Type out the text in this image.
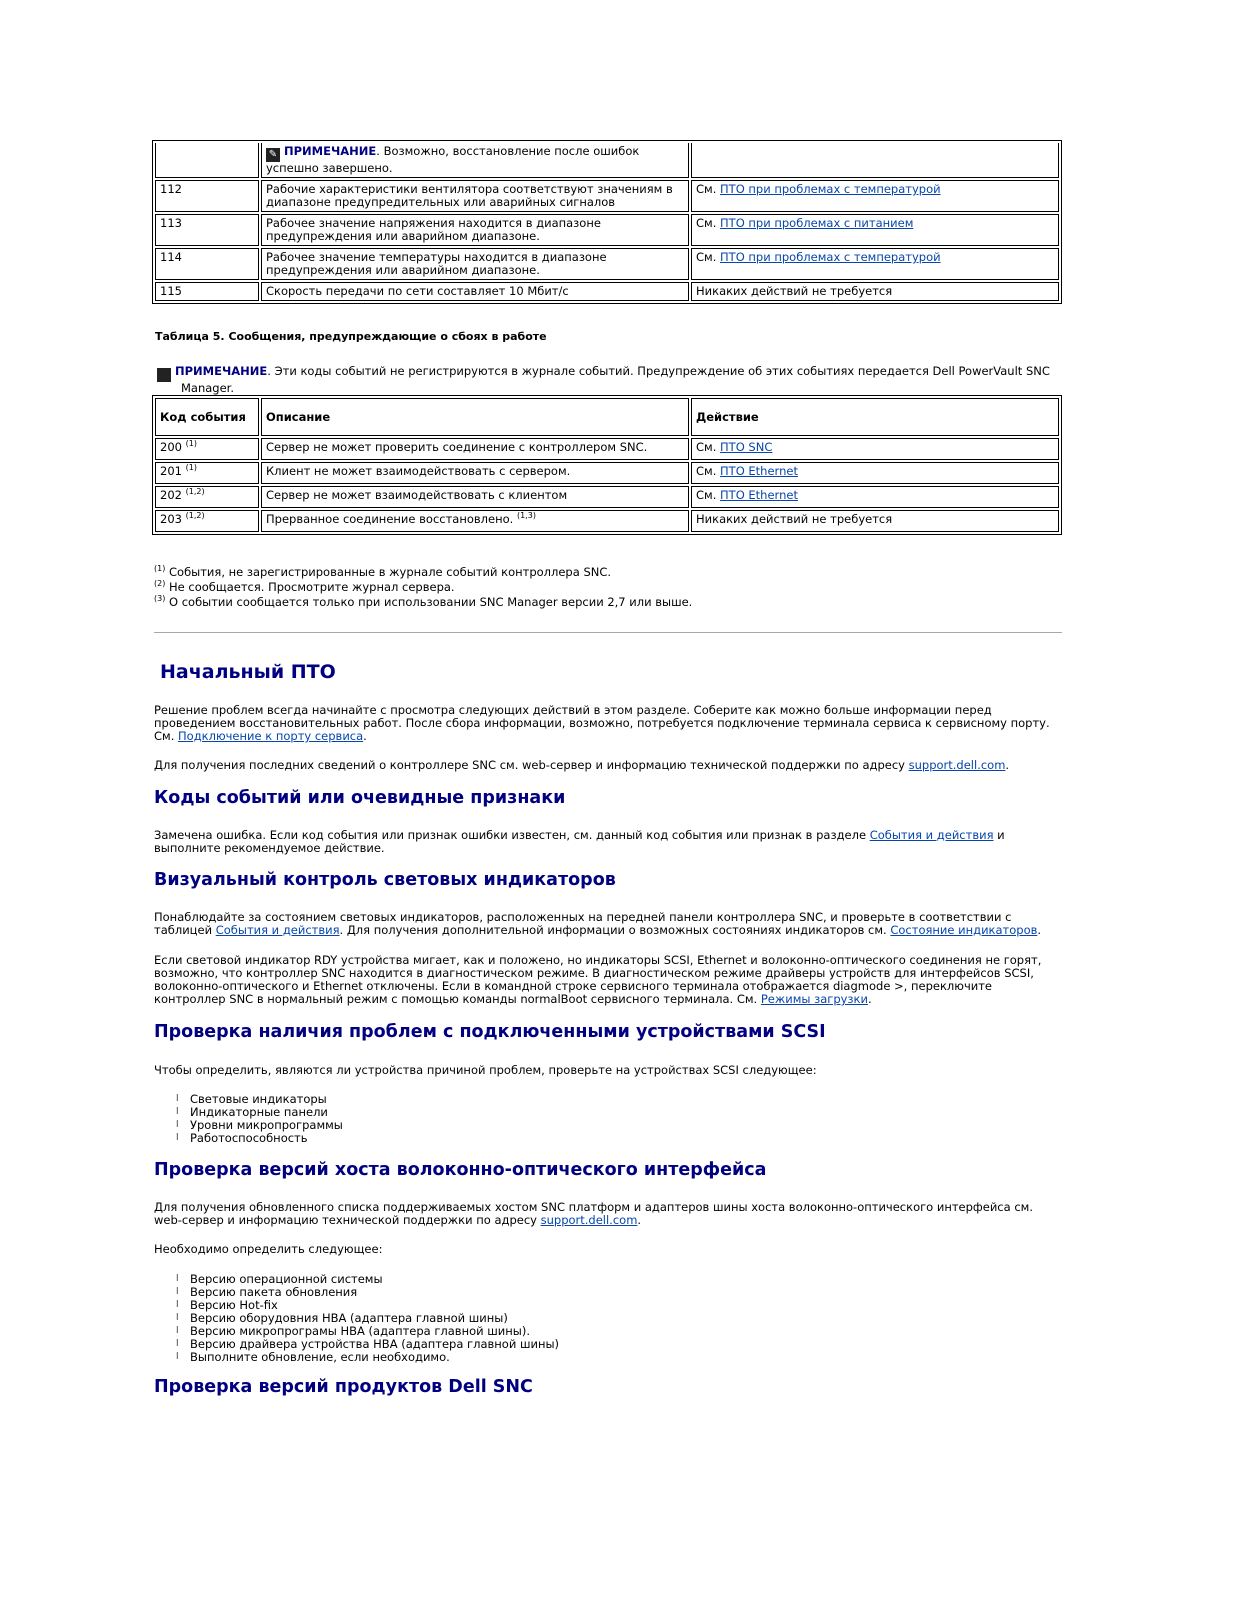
	✎ ПРИМЕЧАНИЕ. Возможно, восстановление после ошибок успешно завершено.	
112	Рабочие характеристики вентилятора соответствуют значениям в диапазоне предупредительных или аварийных сигналов	См. ПТО при проблемах с температурой
113	Рабочее значение напряжения находится в диапазоне предупреждения или аварийном диапазоне.	См. ПТО при проблемах с питанием
114	Рабочее значение температуры находится в диапазоне предупреждения или аварийном диапазоне.	См. ПТО при проблемах с температурой
115	Скорость передачи по сети составляет 10 Мбит/с	Никаких действий не требуется
Таблица 5. Сообщения, предупреждающие о сбоях в работе
✎ ПРИМЕЧАНИЕ. Эти коды событий не регистрируются в журнале событий. Предупреждение об этих событиях передается Dell PowerVault SNC Manager.
Код события	Описание	Действие
200 $^{(1)}$	Сервер не может проверить соединение с контроллером SNC.	См. ПТО SNC
201 $^{(1)}$	Клиент не может взаимодействовать с сервером.	См. ПТО Ethernet
202 $^{(1,2)}$	Сервер не может взаимодействовать с клиентом	См. ПТО Ethernet
203 $^{(1,2)}$	Прерванное соединение восстановлено. $^{(1,3)}$	Никаких действий не требуется
$^{(1)}$ События, не зарегистрированные в журнале событий контроллера SNC.
$^{(2)}$ Не сообщается. Просмотрите журнал сервера.
$^{(3)}$ О событии сообщается только при использовании SNC Manager версии 2,7 или выше.
Начальный ПТО

Решение проблем всегда начинайте с просмотра следующих действий в этом разделе. Соберите как можно больше информации перед проведением восстановительных работ. После сбора информации, возможно, потребуется подключение терминала сервиса к сервисному порту. См. Подключение к порту сервиса.

Для получения последних сведений о контроллере SNC см. web-сервер и информацию технической поддержки по адресу support.dell.com.

Коды событий или очевидные признаки

Замечена ошибка. Если код события или признак ошибки известен, см. данный код события или признак в разделе События и действия и выполните рекомендуемое действие.

Визуальный контроль световых индикаторов

Понаблюдайте за состоянием световых индикаторов, расположенных на передней панели контроллера SNC, и проверьте в соответствии с таблицей События и действия. Для получения дополнительной информации о возможных состояниях индикаторов см. Состояние индикаторов.

Если световой индикатор RDY устройства мигает, как и положено, но индикаторы SCSI, Ethernet и волоконно-оптического соединения не горят, возможно, что контроллер SNC находится в диагностическом режиме. В диагностическом режиме драйверы устройств для интерфейсов SCSI, волоконно-оптического и Ethernet отключены. Если в командной строке сервисного терминала отображается diagmode >, переключите контроллер SNC в нормальный режим с помощью команды normalBoot сервисного терминала. См. Режимы загрузки.

Проверка наличия проблем с подключенными устройствами SCSI

Чтобы определить, являются ли устройства причиной проблем, проверьте на устройствах SCSI следующее:

l Световые индикаторы
l Индикаторные панели
l Уровни микропрограммы
l Работоспособность
Проверка версий хоста волоконно-оптического интерфейса

Для получения обновленного списка поддерживаемых хостом SNC платформ и адаптеров шины хоста волоконно-оптического интерфейса см. web-сервер и информацию технической поддержки по адресу support.dell.com.

Необходимо определить следующее:

l Версию операционной системы
l Версию пакета обновления
l Версию Hot-fix
l Версию оборудовния HBA (адаптера главной шины)
l Версию микропрограмы HBA (адаптера главной шины).
l Версию драйвера устройства HBA (адаптера главной шины)
l Выполните обновление, если необходимо.
Проверка версий продуктов Dell SNC
